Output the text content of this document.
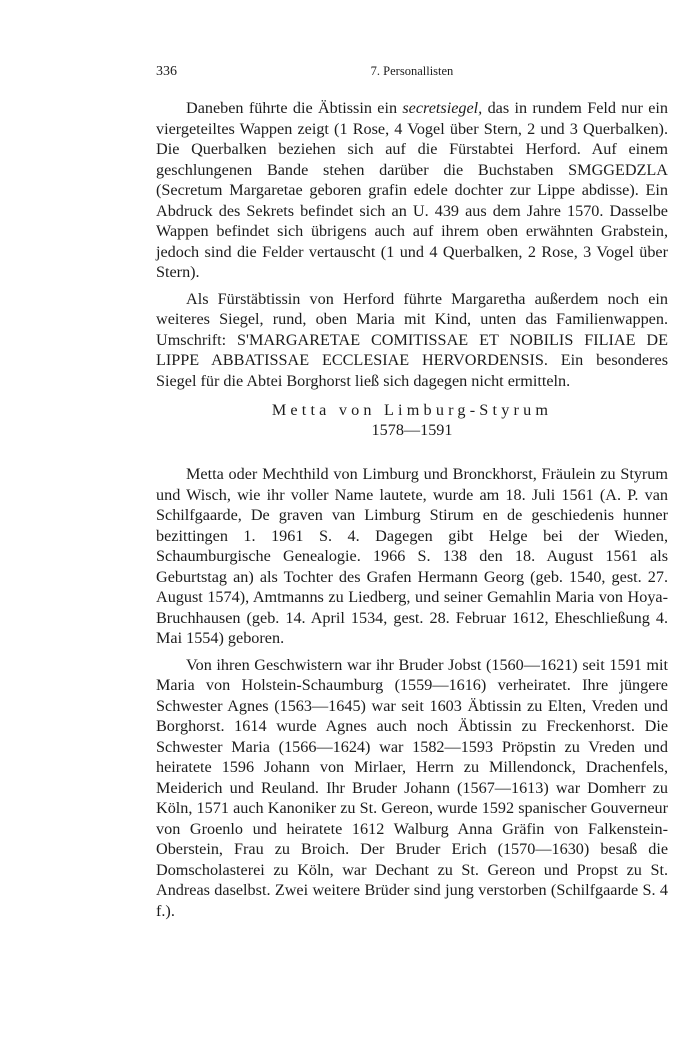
336	7. Personallisten

Daneben führte die Äbtissin ein secretsiegel, das in rundem Feld nur ein viergeteiltes Wappen zeigt (1 Rose, 4 Vogel über Stern, 2 und 3 Querbalken). Die Querbalken beziehen sich auf die Fürstabtei Herford. Auf einem geschlungenen Bande stehen darüber die Buchstaben SMGGEDZLA (Secretum Margaretae geboren grafin edele dochter zur Lippe abdisse). Ein Abdruck des Sekrets befindet sich an U. 439 aus dem Jahre 1570. Dasselbe Wappen befindet sich übrigens auch auf ihrem oben erwähnten Grabstein, jedoch sind die Felder vertauscht (1 und 4 Querbalken, 2 Rose, 3 Vogel über Stern).

Als Fürstäbtissin von Herford führte Margaretha außerdem noch ein weiteres Siegel, rund, oben Maria mit Kind, unten das Familienwappen. Umschrift: S'MARGARETAE COMITISSAE ET NOBILIS FILIAE DE LIPPE ABBATISSAE ECCLESIAE HERVORDENSIS. Ein besonderes Siegel für die Abtei Borghorst ließ sich dagegen nicht ermitteln.

Metta von Limburg-Styrum
1578—1591

Metta oder Mechthild von Limburg und Bronckhorst, Fräulein zu Styrum und Wisch, wie ihr voller Name lautete, wurde am 18. Juli 1561 (A. P. van Schilfgaarde, De graven van Limburg Stirum en de geschiedenis hunner bezittingen 1. 1961 S. 4. Dagegen gibt Helge bei der Wieden, Schaumburgische Genealogie. 1966 S. 138 den 18. August 1561 als Geburtstag an) als Tochter des Grafen Hermann Georg (geb. 1540, gest. 27. August 1574), Amtmanns zu Liedberg, und seiner Gemahlin Maria von Hoya-Bruchhausen (geb. 14. April 1534, gest. 28. Februar 1612, Eheschließung 4. Mai 1554) geboren.

Von ihren Geschwistern war ihr Bruder Jobst (1560—1621) seit 1591 mit Maria von Holstein-Schaumburg (1559—1616) verheiratet. Ihre jüngere Schwester Agnes (1563—1645) war seit 1603 Äbtissin zu Elten, Vreden und Borghorst. 1614 wurde Agnes auch noch Äbtissin zu Freckenhorst. Die Schwester Maria (1566—1624) war 1582—1593 Pröpstin zu Vreden und heiratete 1596 Johann von Mirlaer, Herrn zu Millendonck, Drachenfels, Meiderich und Reuland. Ihr Bruder Johann (1567—1613) war Domherr zu Köln, 1571 auch Kanoniker zu St. Gereon, wurde 1592 spanischer Gouverneur von Groenlo und heiratete 1612 Walburg Anna Gräfin von Falkenstein-Oberstein, Frau zu Broich. Der Bruder Erich (1570—1630) besaß die Domscholasterei zu Köln, war Dechant zu St. Gereon und Propst zu St. Andreas daselbst. Zwei weitere Brüder sind jung verstorben (Schilfgaarde S. 4 f.).
